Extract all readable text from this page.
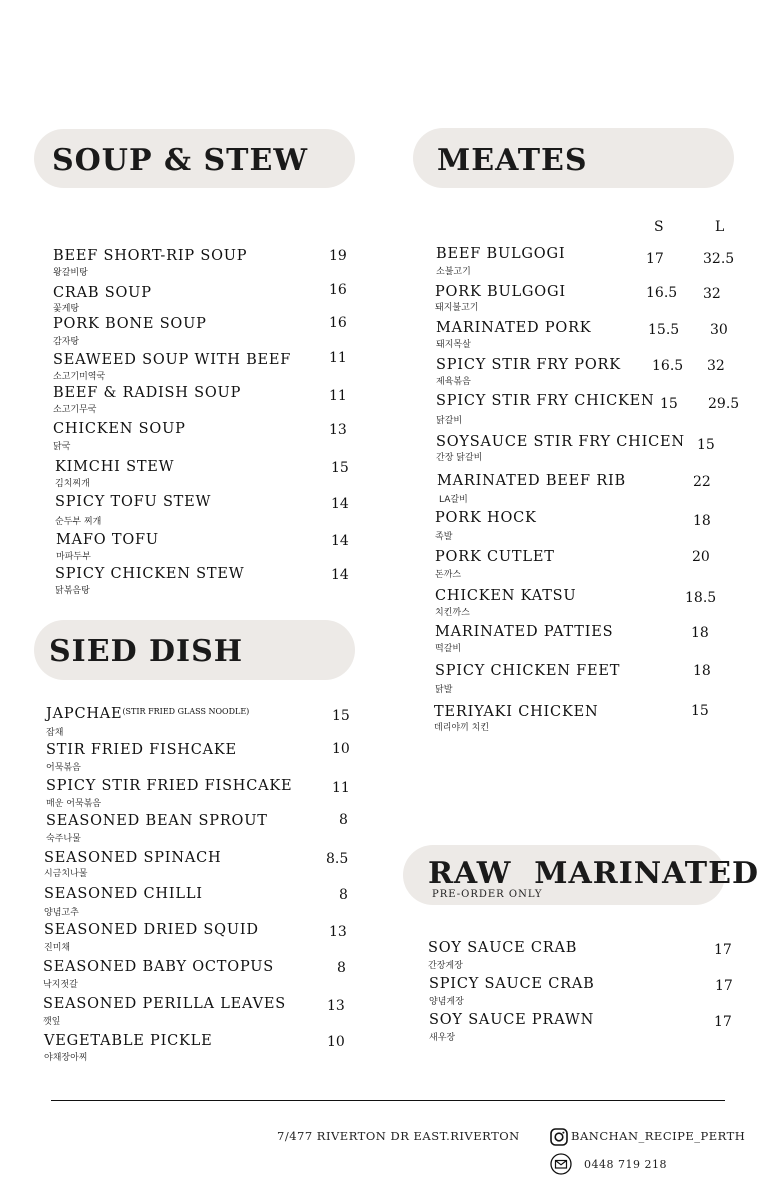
SOUP & STEW
BEEF SHORT-RIP SOUP
왕갈비탕
19
CRAB SOUP
꽃게탕
16
PORK BONE SOUP
감자탕
16
SEAWEED SOUP WITH BEEF
소고기미역국
11
BEEF & RADISH SOUP
소고기무국
11
CHICKEN SOUP
닭국
13
KIMCHI STEW
김치찌개
15
SPICY TOFU STEW
순두부 찌개
14
MAFO TOFU
마파두부
14
SPICY CHICKEN STEW
닭볶음탕
14
SIED DISH
$JAPCHAE^{(STIR FRIED GLASS NOODLE)}$
잡채
15
STIR FRIED FISHCAKE
어묵볶음
10
SPICY STIR FRIED FISHCAKE
매운 어묵볶음
11
SEASONED BEAN SPROUT
숙주나물
8
SEASONED SPINACH
시금치나물
8.5
SEASONED CHILLI
양념고추
8
SEASONED DRIED SQUID
진미채
13
SEASONED BABY OCTOPUS
낙지젓갈
8
SEASONED PERILLA LEAVES
깻잎
13
VEGETABLE PICKLE
야채장아찌
10
MEATES
S	L
BEEF BULGOGI
소불고기
17	32.5
PORK BULGOGI
돼지불고기
16.5 32
MARINATED PORK
돼지목살
15.5 30
SPICY STIR FRY PORK
제육볶음
16.5 32
SPICY STIR FRY CHICKEN
닭갈비
15 29.5
SOYSAUCE STIR FRY CHICEN
간장 닭갈비
15
MARINATED BEEF RIB
LA갈비
22
PORK HOCK
족발
18
PORK CUTLET
돈까스
20
CHICKEN KATSU
치킨까스
18.5
MARINATED PATTIES
떡갈비
18
SPICY CHICKEN FEET
닭발
18
TERIYAKI CHICKEN
데리야끼 치킨
15
RAW  MARINATED
PRE-ORDER ONLY
SOY SAUCE CRAB
간장게장
17
SPICY SAUCE CRAB
양념게장
17
SOY SAUCE PRAWN
새우장
17
7/477 RIVERTON DR EAST.RIVERTON	BANCHAN_RECIPE_PERTH
0448 719 218
